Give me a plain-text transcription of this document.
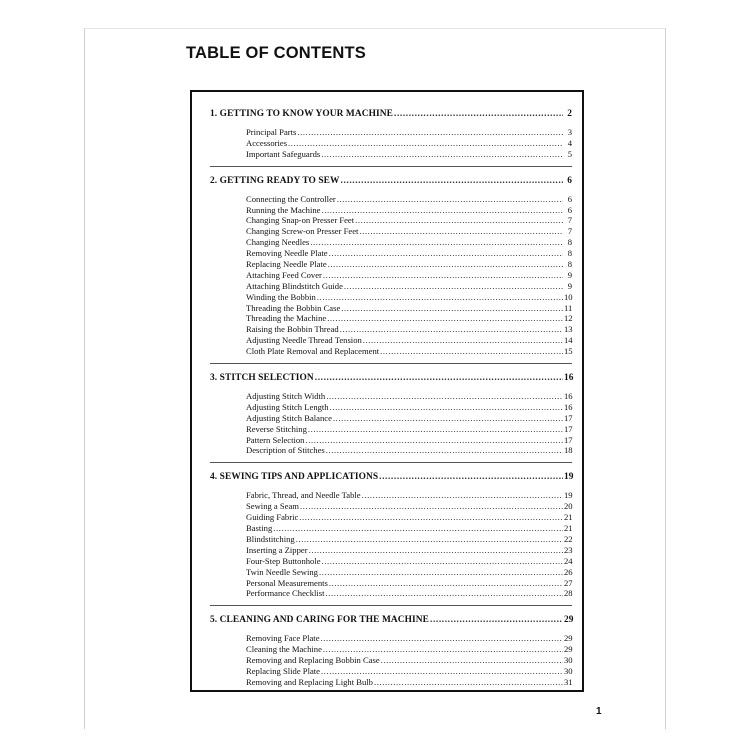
TABLE OF CONTENTS
1. GETTING TO KNOW YOUR MACHINE .....	2
Principal Parts .....	3
Accessories .....	4
Important Safeguards .....	5
2. GETTING READY TO SEW .....	6
Connecting the Controller .....	6
Running the Machine .....	6
Changing Snap-on Presser Feet .....	7
Changing Screw-on Presser Feet .....	7
Changing Needles .....	8
Removing Needle Plate .....	8
Replacing Needle Plate .....	8
Attaching Feed Cover .....	9
Attaching Blindstitch Guide .....	9
Winding the Bobbin .....	10
Threading the Bobbin Case .....	11
Threading the Machine .....	12
Raising the Bobbin Thread .....	13
Adjusting Needle Thread Tension .....	14
Cloth Plate Removal and Replacement .....	15
3. STITCH SELECTION .....	16
Adjusting Stitch Width .....	16
Adjusting Stitch Length .....	16
Adjusting Stitch Balance .....	17
Reverse Stitching .....	17
Pattern Selection .....	17
Description of Stitches .....	18
4. SEWING TIPS AND APPLICATIONS .....	19
Fabric, Thread, and Needle Table .....	19
Sewing a Seam .....	20
Guiding Fabric .....	21
Basting .....	21
Blindstitching .....	22
Inserting a Zipper .....	23
Four-Step Buttonhole .....	24
Twin Needle Sewing .....	26
Personal Measurements .....	27
Performance Checklist .....	28
5. CLEANING AND CARING FOR THE MACHINE .....	29
Removing Face Plate .....	29
Cleaning the Machine .....	29
Removing and Replacing Bobbin Case .....	30
Replacing Slide Plate .....	30
Removing and Replacing Light Bulb .....	31
1
